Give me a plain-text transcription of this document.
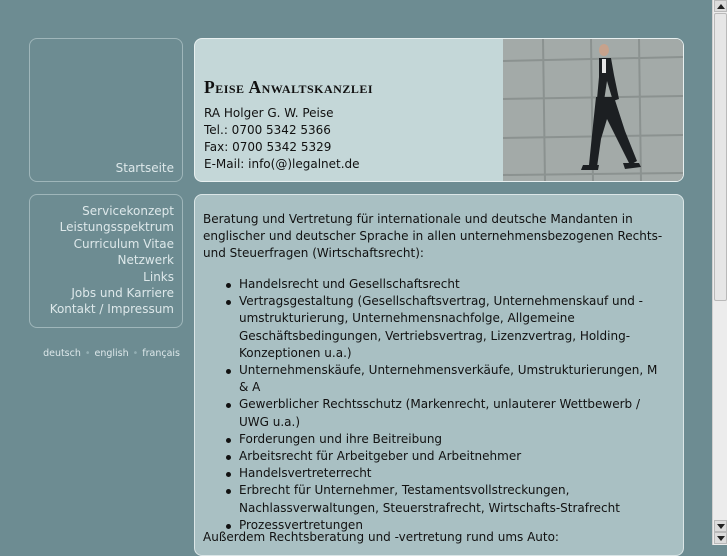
Startseite
Servicekonzept
Leistungsspektrum
Curriculum Vitae
Netzwerk
Links
Jobs und Karriere
Kontakt / Impressum
deutsch • english • français
Peise Anwaltskanzlei
RA Holger G. W. Peise
Tel.: 0700 5342 5366
Fax: 0700 5342 5329
E-Mail: info(@)legalnet.de

Beratung und Vertretung für internationale und deutsche Mandanten in englischer und deutscher Sprache in allen unternehmensbezogenen Rechts- und Steuerfragen (Wirtschaftsrecht):

Handelsrecht und Gesellschaftsrecht
Vertragsgestaltung (Gesellschaftsvertrag, Unternehmenskauf und -umstrukturierung, Unternehmensnachfolge, Allgemeine Geschäftsbedingungen, Vertriebsvertrag, Lizenzvertrag, Holding-Konzeptionen u.a.)
Unternehmenskäufe, Unternehmensverkäufe, Umstrukturierungen, M & A
Gewerblicher Rechtsschutz (Markenrecht, unlauterer Wettbewerb / UWG u.a.)
Forderungen und ihre Beitreibung
Arbeitsrecht für Arbeitgeber und Arbeitnehmer
Handelsvertreterrecht
Erbrecht für Unternehmer, Testamentsvollstreckungen, Nachlassverwaltungen, Steuerstrafrecht, Wirtschafts-Strafrecht
Prozessvertretungen

Außerdem Rechtsberatung und -vertretung rund ums Auto:
